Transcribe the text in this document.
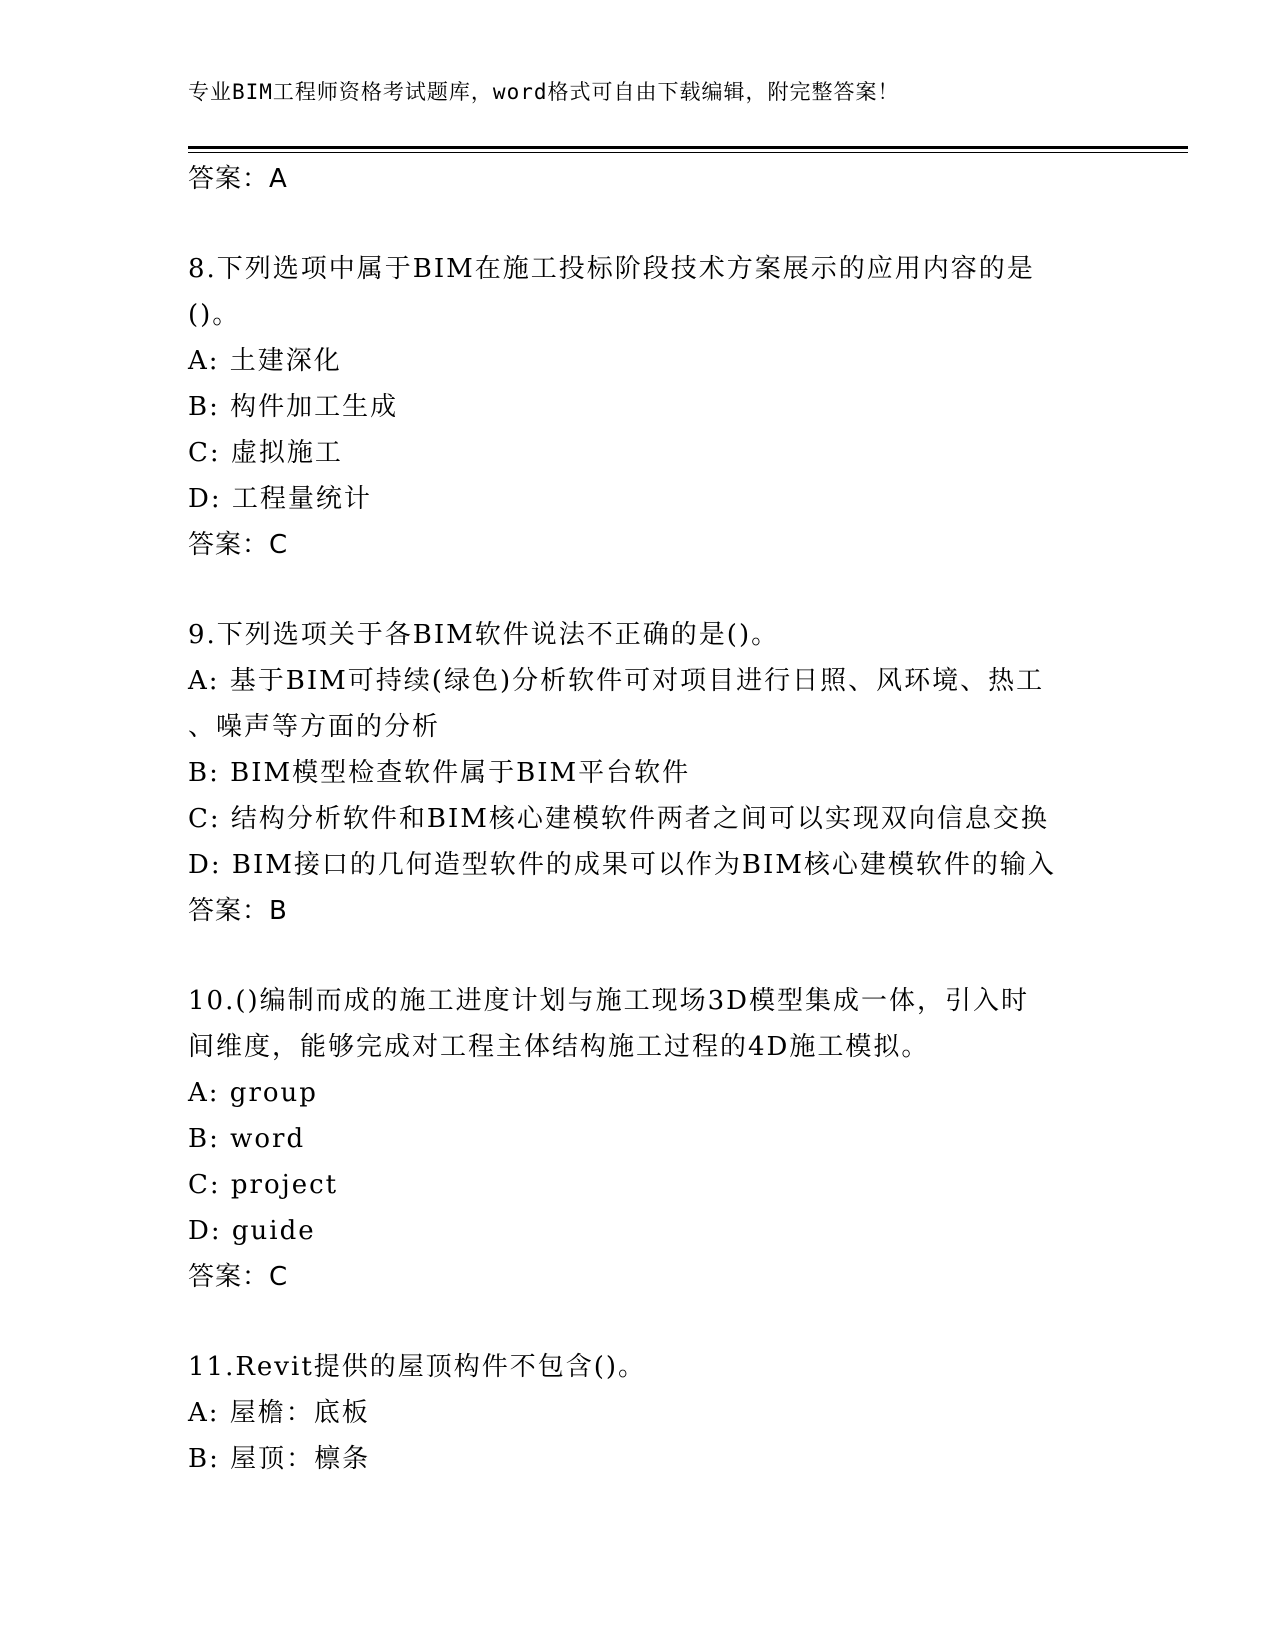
专业BIM工程师资格考试题库，word格式可自由下载编辑，附完整答案！
答案：A
8.下列选项中属于BIM在施工投标阶段技术方案展示的应用内容的是
()。
A: 土建深化
B: 构件加工生成
C: 虚拟施工
D: 工程量统计
答案：C
9.下列选项关于各BIM软件说法不正确的是()。
A: 基于BIM可持续(绿色)分析软件可对项目进行日照、风环境、热工
、噪声等方面的分析
B: BIM模型检查软件属于BIM平台软件
C: 结构分析软件和BIM核心建模软件两者之间可以实现双向信息交换
D: BIM接口的几何造型软件的成果可以作为BIM核心建模软件的输入
答案：B
10.()编制而成的施工进度计划与施工现场3D模型集成一体，引入时
间维度，能够完成对工程主体结构施工过程的4D施工模拟。
A: group
B: word
C: project
D: guide
答案：C
11.Revit提供的屋顶构件不包含()。
A: 屋檐：底板
B: 屋顶：檩条
